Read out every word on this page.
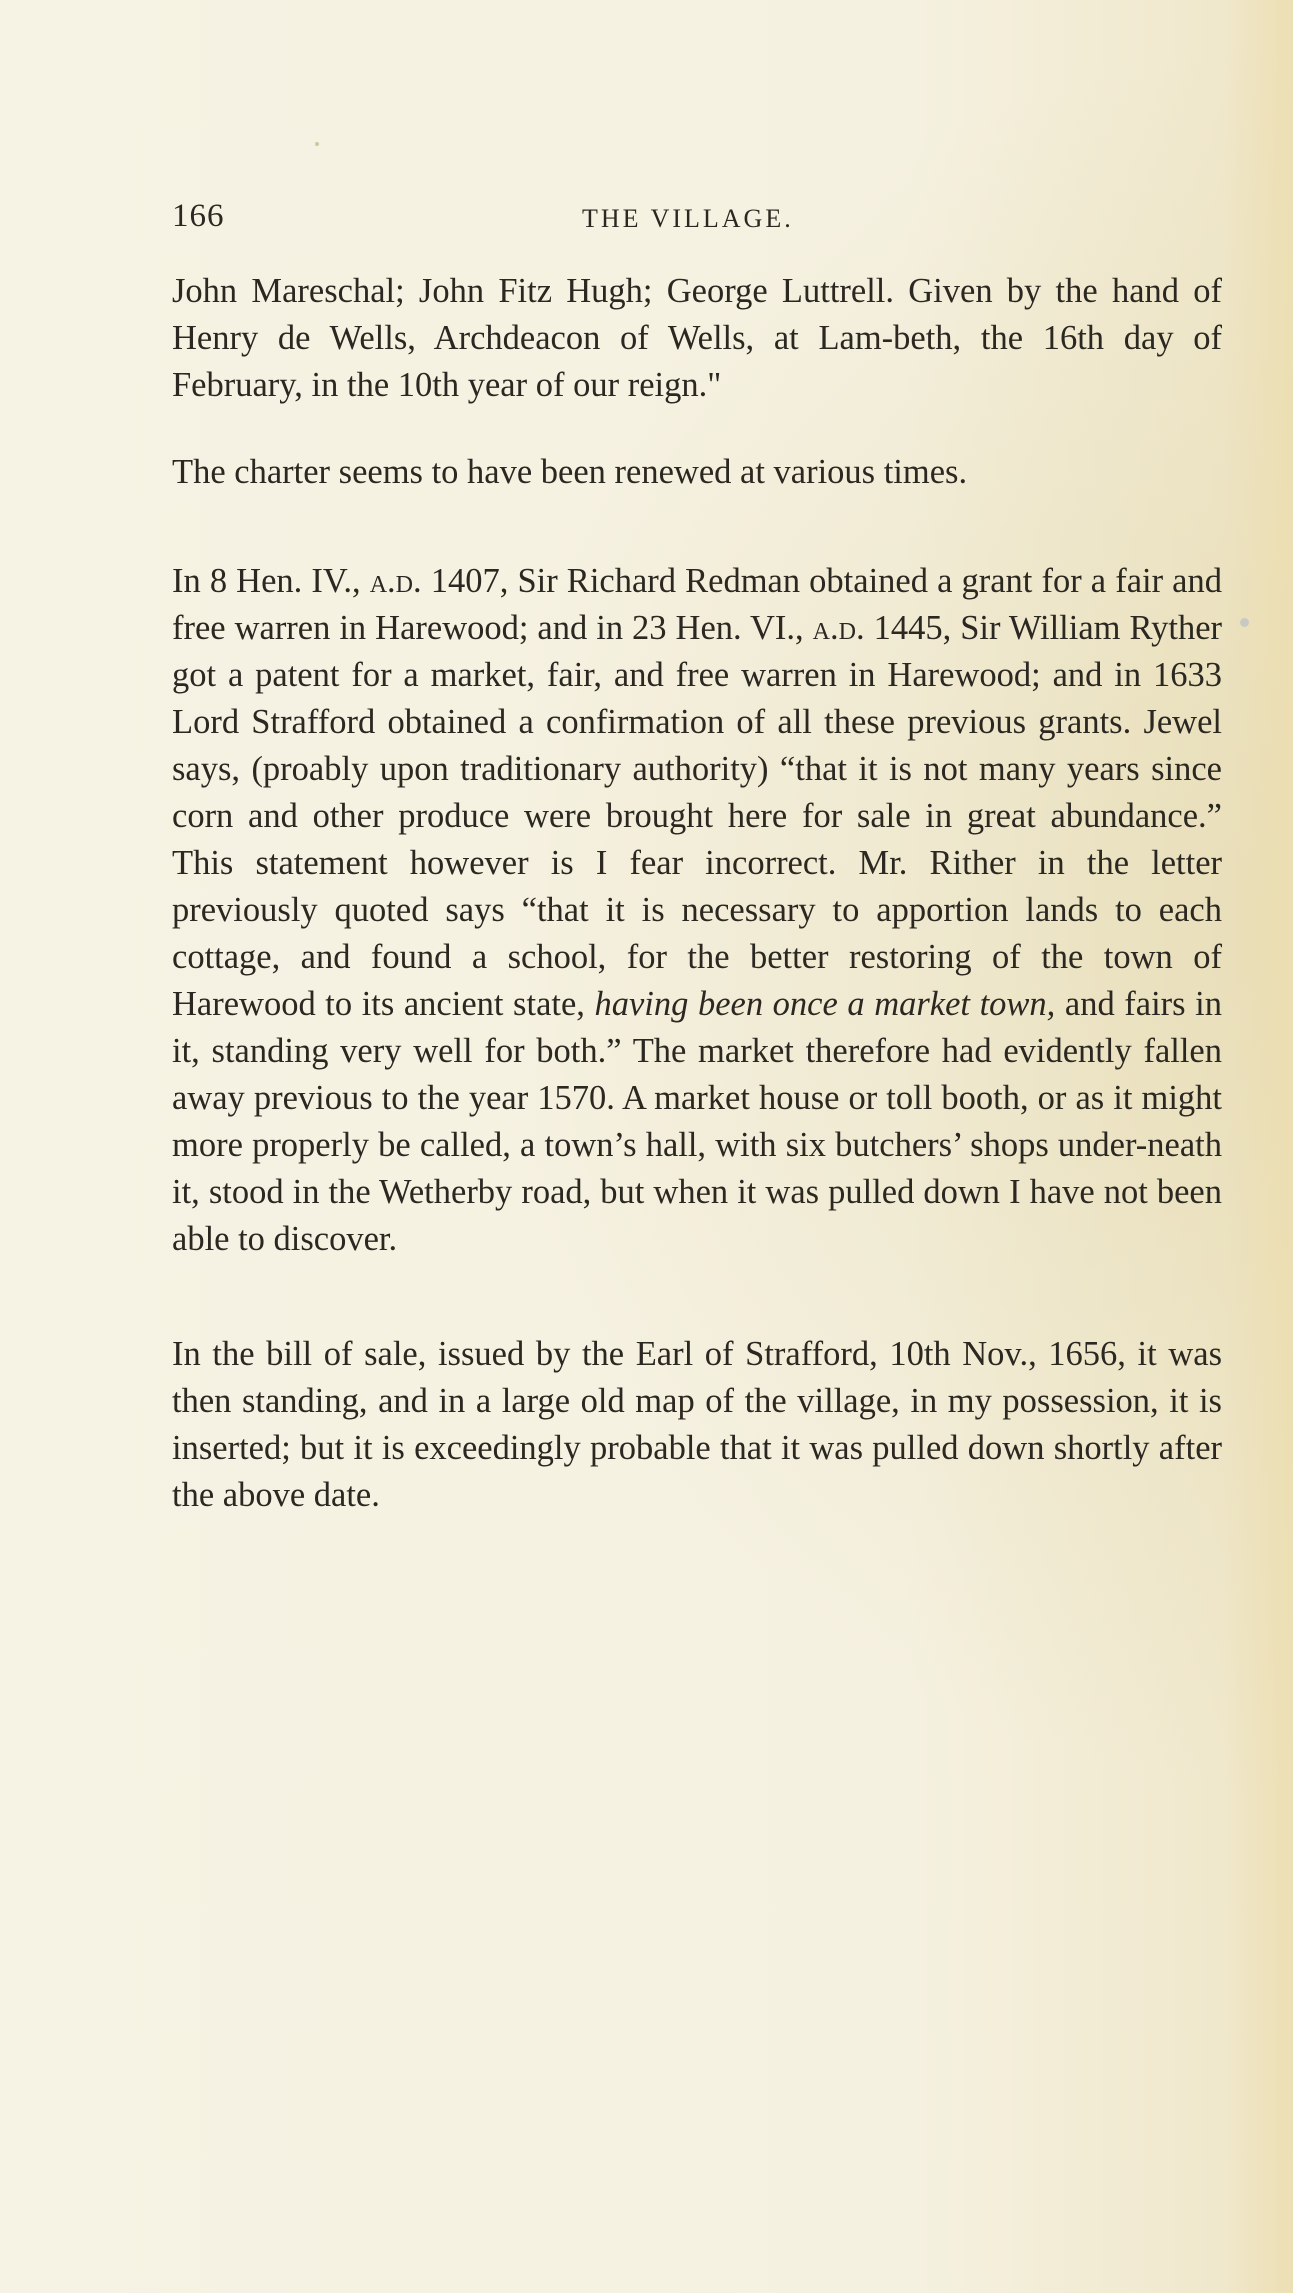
166	THE VILLAGE.

John Mareschal; John Fitz Hugh; George Luttrell. Given by the hand of Henry de Wells, Archdeacon of Wells, at Lam-beth, the 16th day of February, in the 10th year of our reign."

The charter seems to have been renewed at various times.

In 8 Hen. IV., a.d. 1407, Sir Richard Redman obtained a grant for a fair and free warren in Harewood; and in 23 Hen. VI., a.d. 1445, Sir William Ryther got a patent for a market, fair, and free warren in Harewood; and in 1633 Lord Strafford obtained a confirmation of all these previous grants. Jewel says, (proably upon traditionary authority) “that it is not many years since corn and other produce were brought here for sale in great abundance.” This statement however is I fear incorrect. Mr. Rither in the letter previously quoted says “that it is necessary to apportion lands to each cottage, and found a school, for the better restoring of the town of Harewood to its ancient state, having been once a market town, and fairs in it, standing very well for both.” The market therefore had evidently fallen away previous to the year 1570. A market house or toll booth, or as it might more properly be called, a town’s hall, with six butchers’ shops under-neath it, stood in the Wetherby road, but when it was pulled down I have not been able to discover.

In the bill of sale, issued by the Earl of Strafford, 10th Nov., 1656, it was then standing, and in a large old map of the village, in my possession, it is inserted; but it is exceedingly probable that it was pulled down shortly after the above date.
